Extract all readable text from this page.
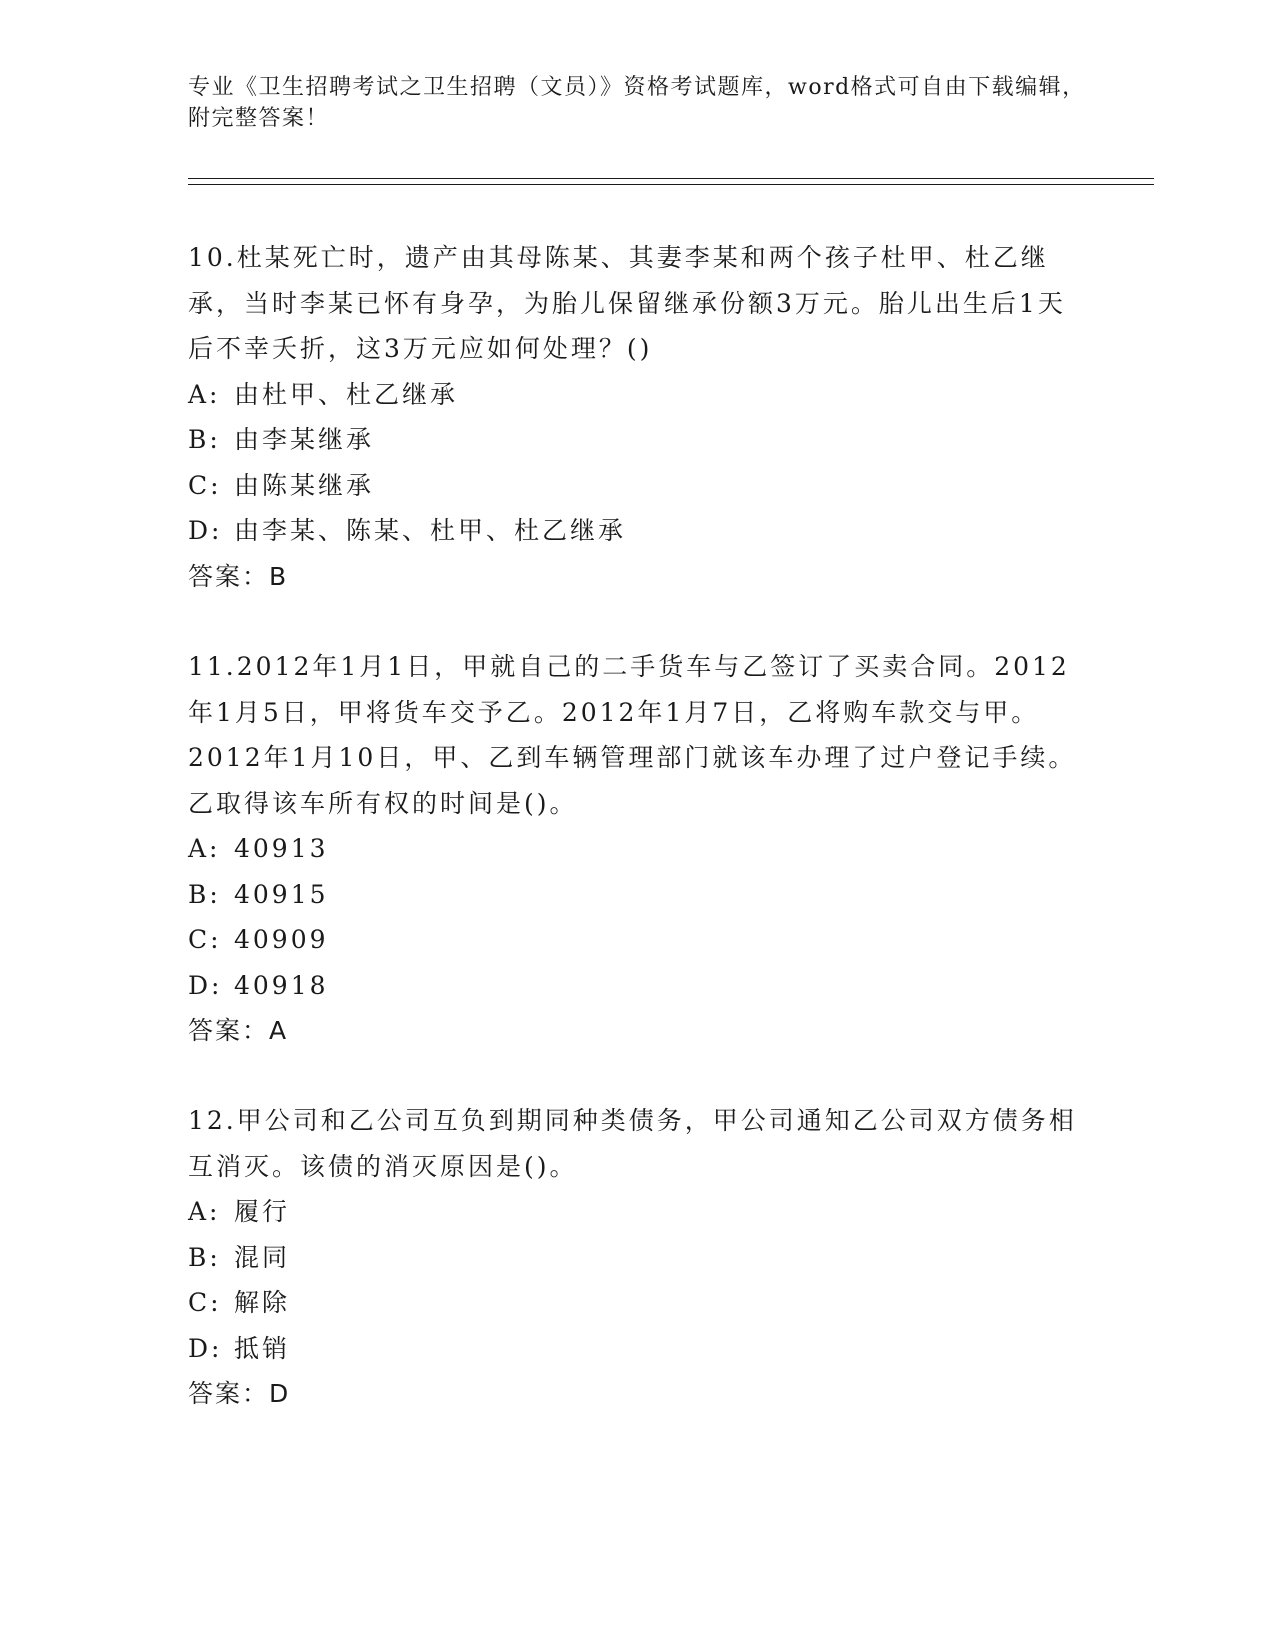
专业《卫生招聘考试之卫生招聘（文员）》资格考试题库，word格式可自由下载编辑，附完整答案！
10.杜某死亡时，遗产由其母陈某、其妻李某和两个孩子杜甲、杜乙继承，当时李某已怀有身孕，为胎儿保留继承份额3万元。胎儿出生后1天后不幸夭折，这3万元应如何处理？()
A: 由杜甲、杜乙继承
B: 由李某继承
C: 由陈某继承
D: 由李某、陈某、杜甲、杜乙继承
答案：B
11.2012年1月1日，甲就自己的二手货车与乙签订了买卖合同。2012年1月5日，甲将货车交予乙。2012年1月7日，乙将购车款交与甲。2012年1月10日，甲、乙到车辆管理部门就该车办理了过户登记手续。乙取得该车所有权的时间是()。
A: 40913
B: 40915
C: 40909
D: 40918
答案：A
12.甲公司和乙公司互负到期同种类债务，甲公司通知乙公司双方债务相互消灭。该债的消灭原因是()。
A: 履行
B: 混同
C: 解除
D: 抵销
答案：D
